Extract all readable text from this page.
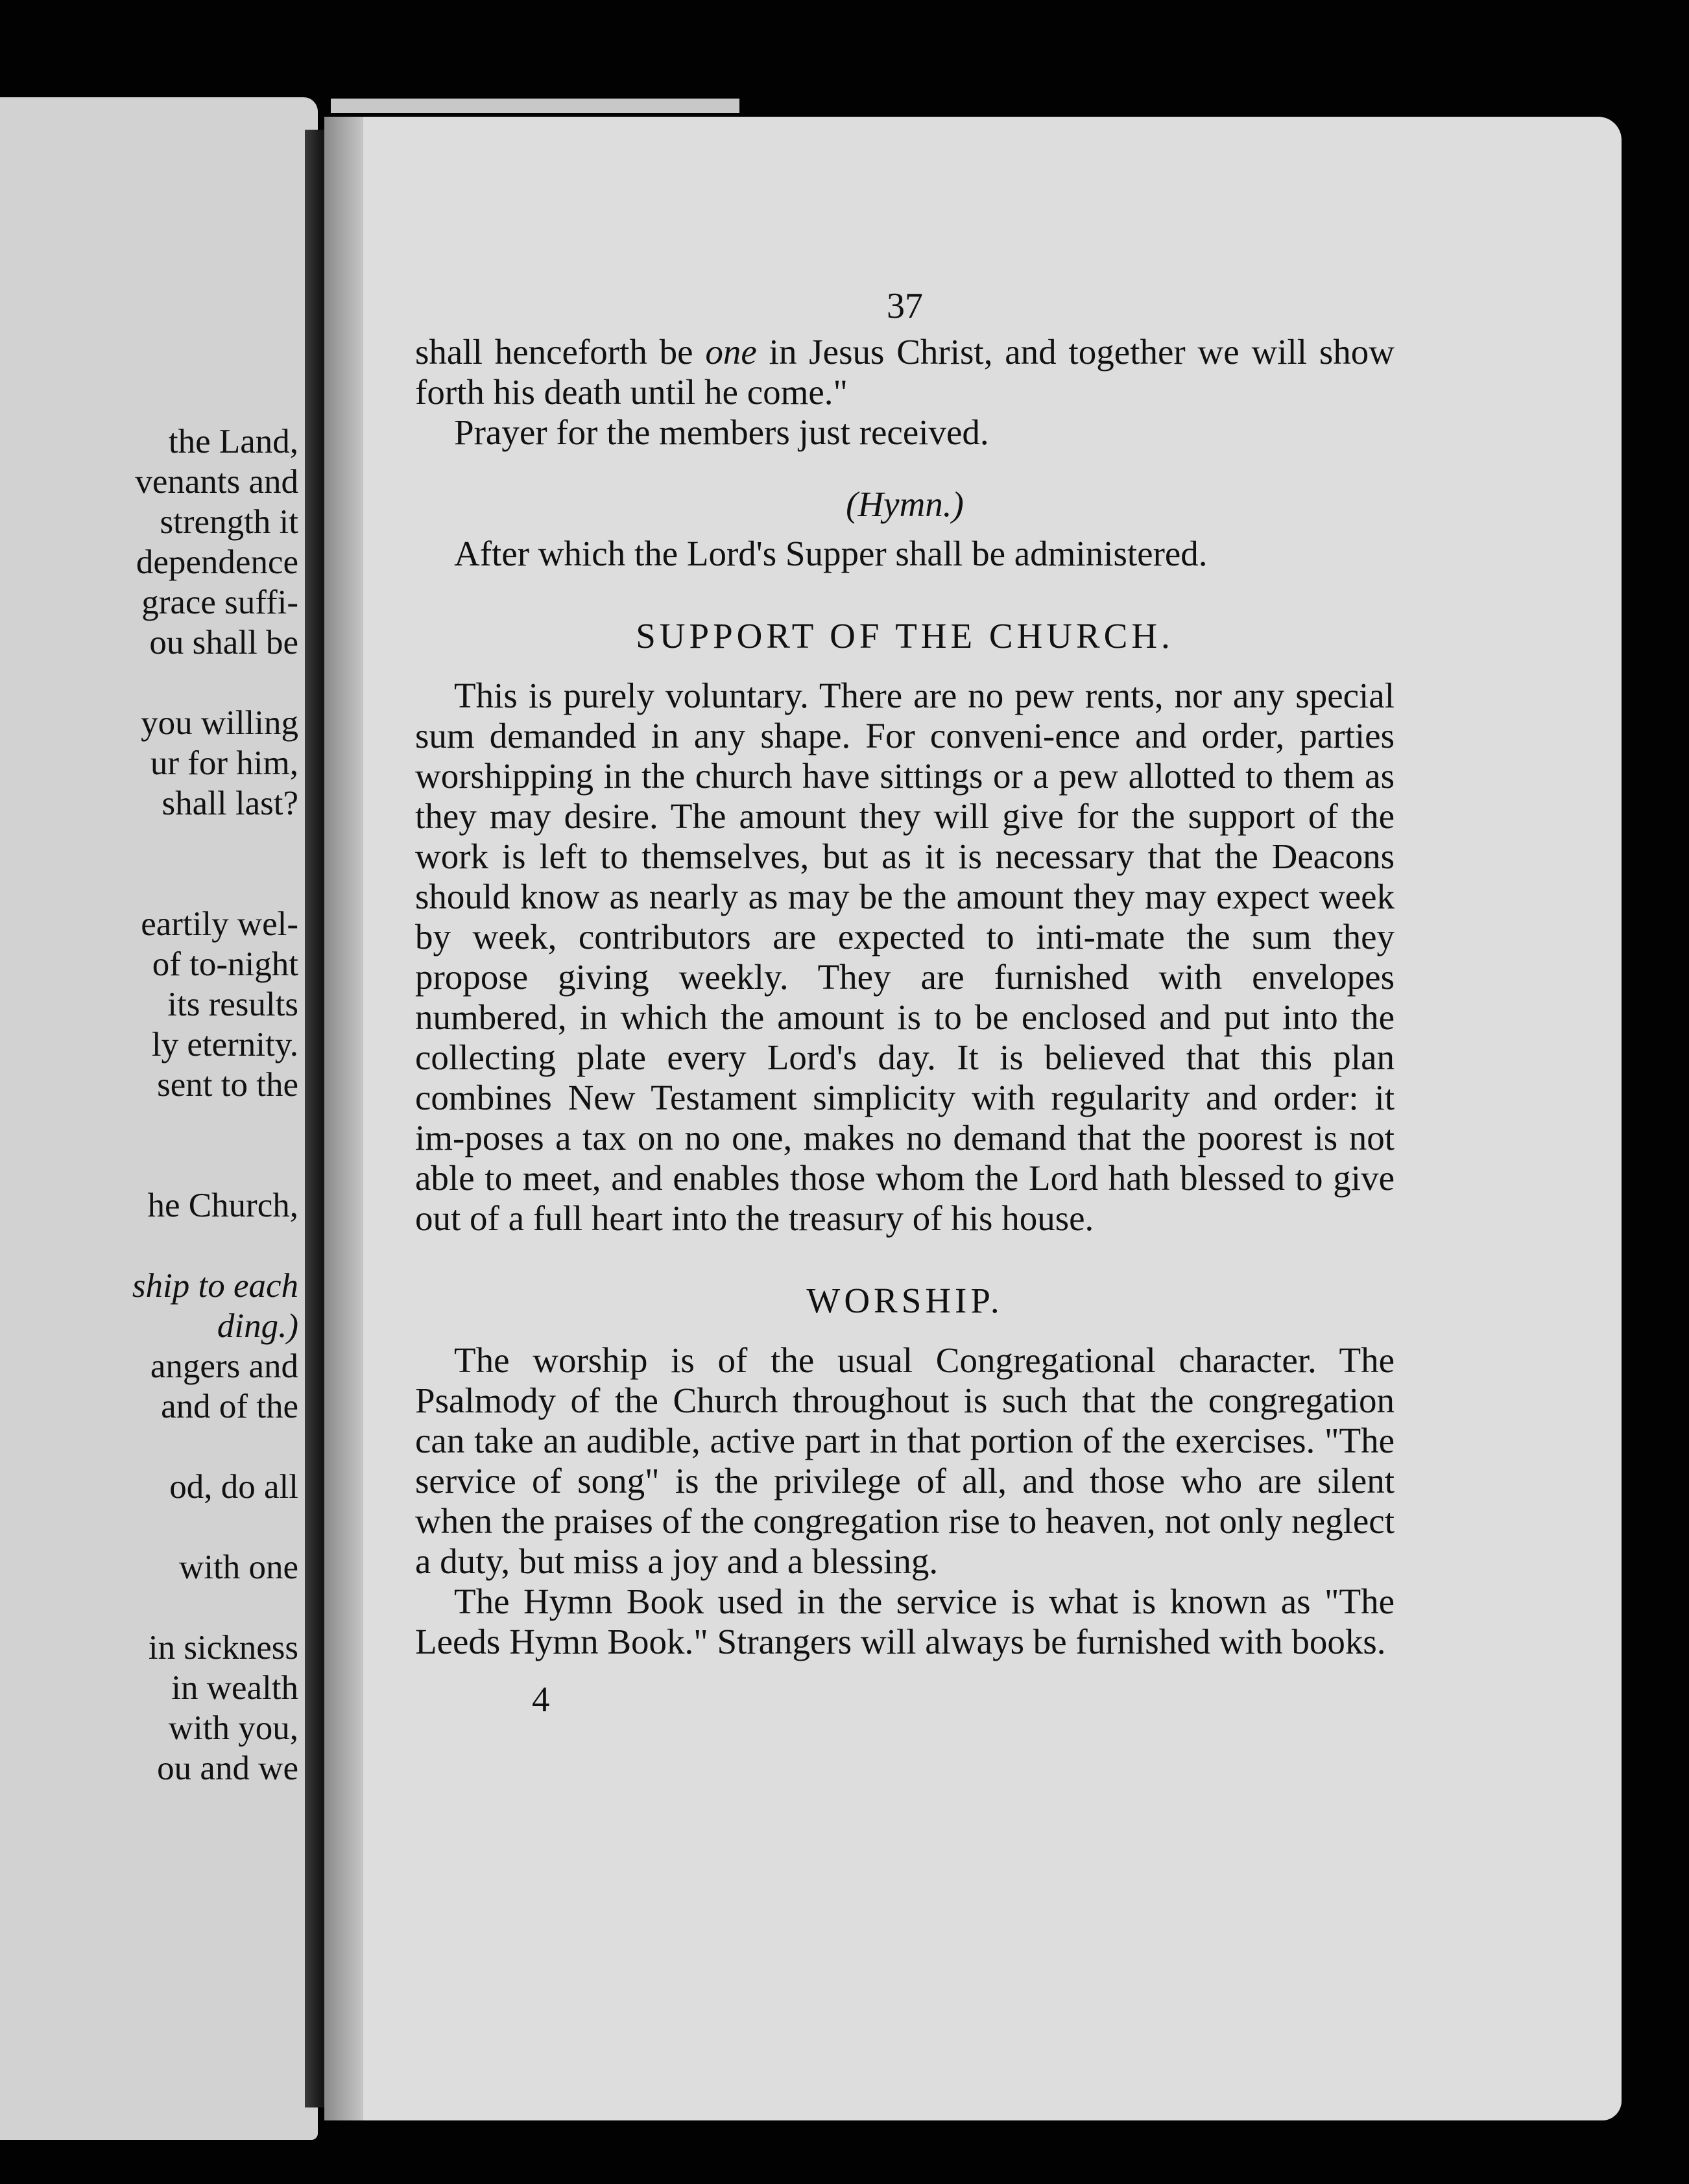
the Land,
venants and
strength it
dependence
grace suffi-
ou shall be
you willing
ur for him,
shall last?
eartily wel-
of to-night
its results
ly eternity.
sent to the
he Church,
ship to each
ding.)
angers and
and of the
od, do all
with one
in sickness
in wealth
with you,
ou and we
37

shall henceforth be one in Jesus Christ, and together we will show forth his death until he come."

Prayer for the members just received.

(Hymn.)

After which the Lord's Supper shall be administered.

SUPPORT OF THE CHURCH.

This is purely voluntary. There are no pew rents, nor any special sum demanded in any shape. For conveni-ence and order, parties worshipping in the church have sittings or a pew allotted to them as they may desire. The amount they will give for the support of the work is left to themselves, but as it is necessary that the Deacons should know as nearly as may be the amount they may expect week by week, contributors are expected to inti-mate the sum they propose giving weekly. They are furnished with envelopes numbered, in which the amount is to be enclosed and put into the collecting plate every Lord's day. It is believed that this plan combines New Testament simplicity with regularity and order: it im-poses a tax on no one, makes no demand that the poorest is not able to meet, and enables those whom the Lord hath blessed to give out of a full heart into the treasury of his house.

WORSHIP.

The worship is of the usual Congregational character. The Psalmody of the Church throughout is such that the congregation can take an audible, active part in that portion of the exercises. "The service of song" is the privilege of all, and those who are silent when the praises of the congregation rise to heaven, not only neglect a duty, but miss a joy and a blessing.

The Hymn Book used in the service is what is known as "The Leeds Hymn Book." Strangers will always be furnished with books.

4
